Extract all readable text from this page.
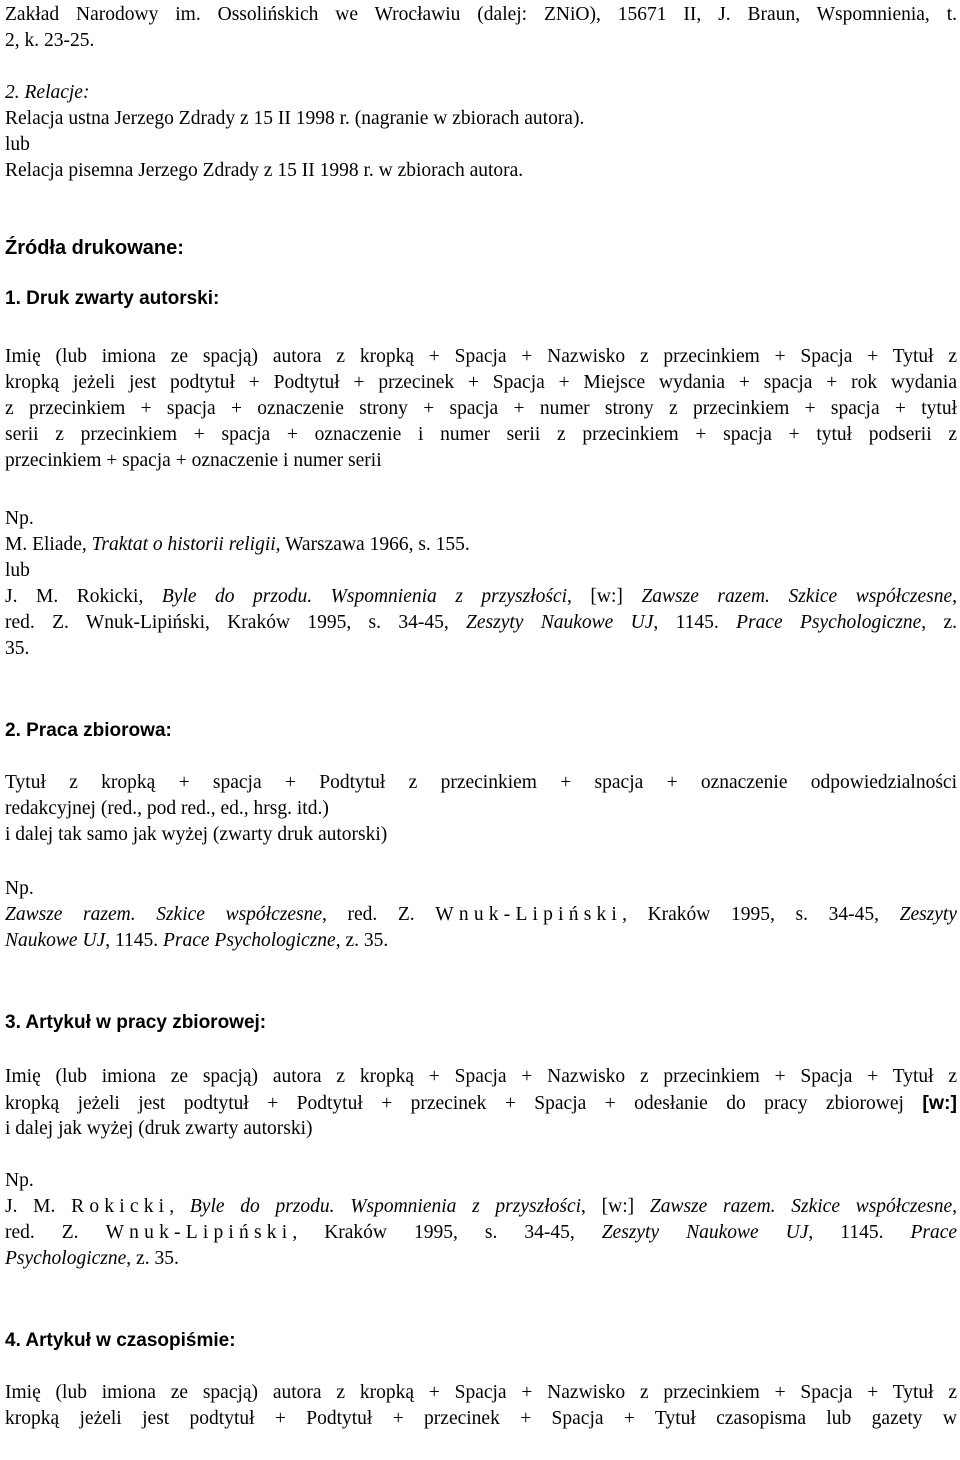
Zakład Narodowy im. Ossolińskich we Wrocławiu (dalej: ZNiO), 15671 II, J. Braun, Wspomnienia, t.
2, k. 23-25.
2. Relacje:
Relacja ustna Jerzego Zdrady z 15 II 1998 r. (nagranie w zbiorach autora).
lub
Relacja pisemna Jerzego Zdrady z 15 II 1998 r. w zbiorach autora.
Źródła drukowane:
1. Druk zwarty autorski:
Imię (lub imiona ze spacją) autora z kropką + Spacja + Nazwisko z przecinkiem + Spacja + Tytuł z
kropką jeżeli jest podtytuł + Podtytuł + przecinek + Spacja + Miejsce wydania + spacja + rok wydania
z przecinkiem + spacja + oznaczenie strony + spacja + numer strony z przecinkiem + spacja + tytuł
serii z przecinkiem + spacja + oznaczenie i numer serii z przecinkiem + spacja + tytuł podserii z
przecinkiem + spacja + oznaczenie i numer serii
Np.
M. Eliade, Traktat o historii religii, Warszawa 1966, s. 155.
lub
J. M. Rokicki, Byle do przodu. Wspomnienia z przyszłości, [w:] Zawsze razem. Szkice współczesne,
red. Z. Wnuk-Lipiński, Kraków 1995, s. 34-45, Zeszyty Naukowe UJ, 1145. Prace Psychologiczne, z.
35.
2. Praca zbiorowa:
Tytuł z kropką + spacja + Podtytuł z przecinkiem + spacja + oznaczenie odpowiedzialności
redakcyjnej (red., pod red., ed., hrsg. itd.)
i dalej tak samo jak wyżej (zwarty druk autorski)
Np.
Zawsze razem. Szkice współczesne, red. Z. Wnuk-Lipiński, Kraków 1995, s. 34-45, Zeszyty
Naukowe UJ, 1145. Prace Psychologiczne, z. 35.
3. Artykuł w pracy zbiorowej:
Imię (lub imiona ze spacją) autora z kropką + Spacja + Nazwisko z przecinkiem + Spacja + Tytuł z
kropką jeżeli jest podtytuł + Podtytuł + przecinek + Spacja + odesłanie do pracy zbiorowej [w:]
i dalej jak wyżej (druk zwarty autorski)
Np.
J. M. Rokicki, Byle do przodu. Wspomnienia z przyszłości, [w:] Zawsze razem. Szkice współczesne,
red. Z. Wnuk-Lipiński, Kraków 1995, s. 34-45, Zeszyty Naukowe UJ, 1145. Prace
Psychologiczne, z. 35.
4. Artykuł w czasopiśmie:
Imię (lub imiona ze spacją) autora z kropką + Spacja + Nazwisko z przecinkiem + Spacja + Tytuł z
kropką jeżeli jest podtytuł + Podtytuł + przecinek + Spacja + Tytuł czasopisma lub gazety w
